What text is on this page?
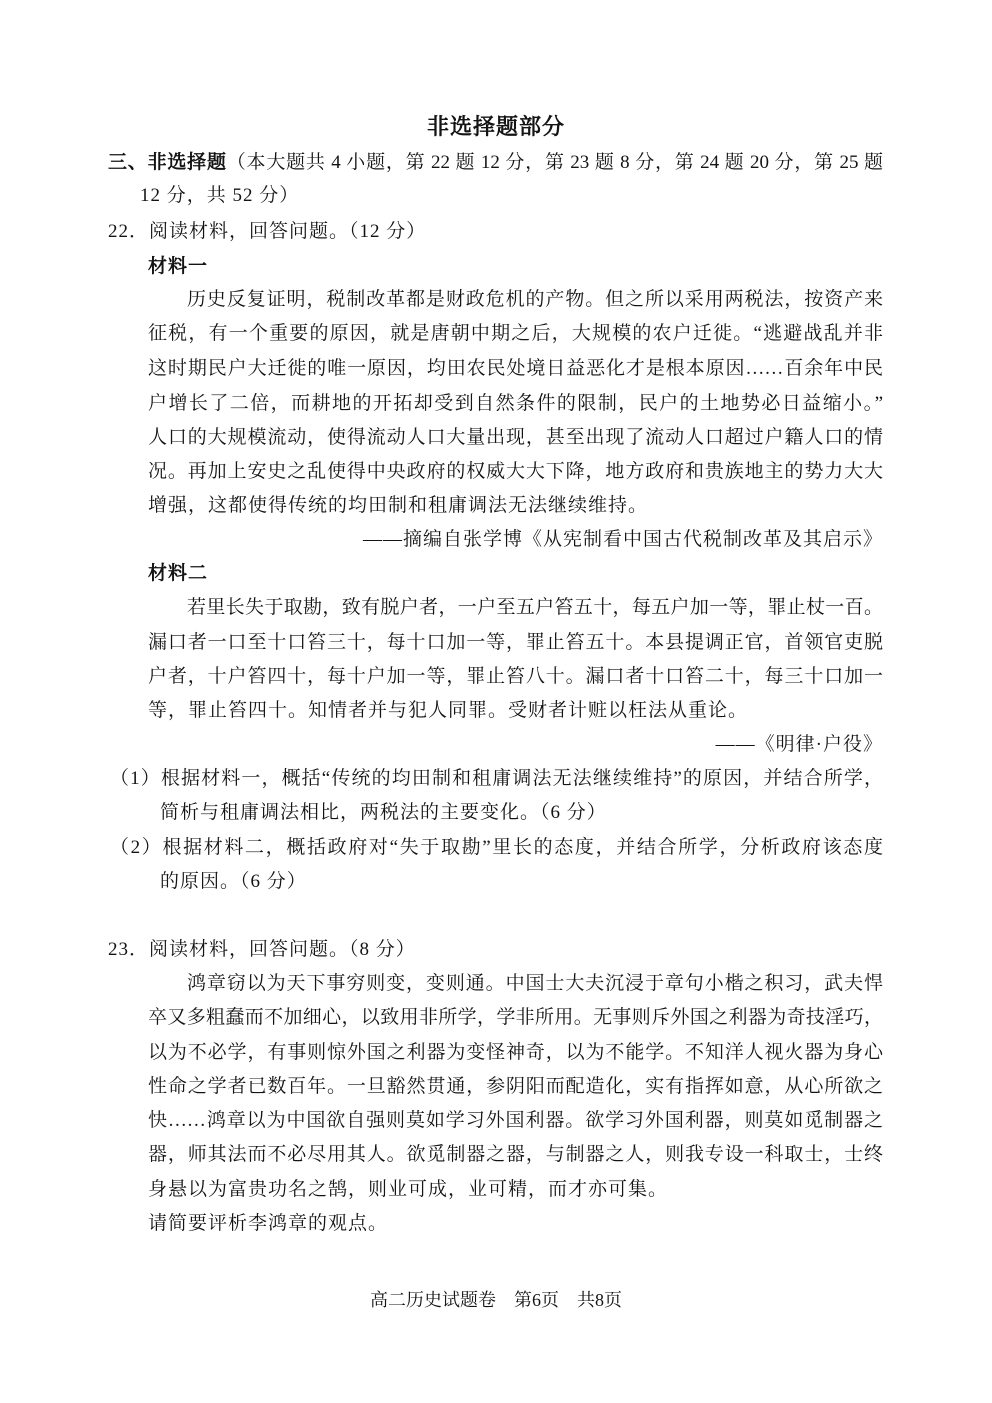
非选择题部分
三、非选择题（本大题共 4 小题，第 22 题 12 分，第 23 题 8 分，第 24 题 20 分，第 25 题
12 分，共 52 分）
22．阅读材料，回答问题。（12 分）
材料一
历史反复证明，税制改革都是财政危机的产物。但之所以采用两税法，按资产来
征税，有一个重要的原因，就是唐朝中期之后，大规模的农户迁徙。“逃避战乱并非
这时期民户大迁徙的唯一原因，均田农民处境日益恶化才是根本原因……百余年中民
户增长了二倍，而耕地的开拓却受到自然条件的限制，民户的土地势必日益缩小。”
人口的大规模流动，使得流动人口大量出现，甚至出现了流动人口超过户籍人口的情
况。再加上安史之乱使得中央政府的权威大大下降，地方政府和贵族地主的势力大大
增强，这都使得传统的均田制和租庸调法无法继续维持。
——摘编自张学博《从宪制看中国古代税制改革及其启示》
材料二
若里长失于取勘，致有脱户者，一户至五户笞五十，每五户加一等，罪止杖一百。
漏口者一口至十口笞三十，每十口加一等，罪止笞五十。本县提调正官，首领官吏脱
户者，十户笞四十，每十户加一等，罪止笞八十。漏口者十口笞二十，每三十口加一
等，罪止笞四十。知情者并与犯人同罪。受财者计赃以枉法从重论。
——《明律·户役》
（1）根据材料一，概括“传统的均田制和租庸调法无法继续维持”的原因，并结合所学，
简析与租庸调法相比，两税法的主要变化。（6 分）
（2）根据材料二，概括政府对“失于取勘”里长的态度，并结合所学，分析政府该态度
的原因。（6 分）
23．阅读材料，回答问题。（8 分）
鸿章窃以为天下事穷则变，变则通。中国士大夫沉浸于章句小楷之积习，武夫悍
卒又多粗蠢而不加细心，以致用非所学，学非所用。无事则斥外国之利器为奇技淫巧，
以为不必学，有事则惊外国之利器为变怪神奇，以为不能学。不知洋人视火器为身心
性命之学者已数百年。一旦豁然贯通，参阴阳而配造化，实有指挥如意，从心所欲之
快……鸿章以为中国欲自强则莫如学习外国利器。欲学习外国利器，则莫如觅制器之
器，师其法而不必尽用其人。欲觅制器之器，与制器之人，则我专设一科取士，士终
身悬以为富贵功名之鹄，则业可成，业可精，而才亦可集。
请简要评析李鸿章的观点。
高二历史试题卷　第6页　共8页
